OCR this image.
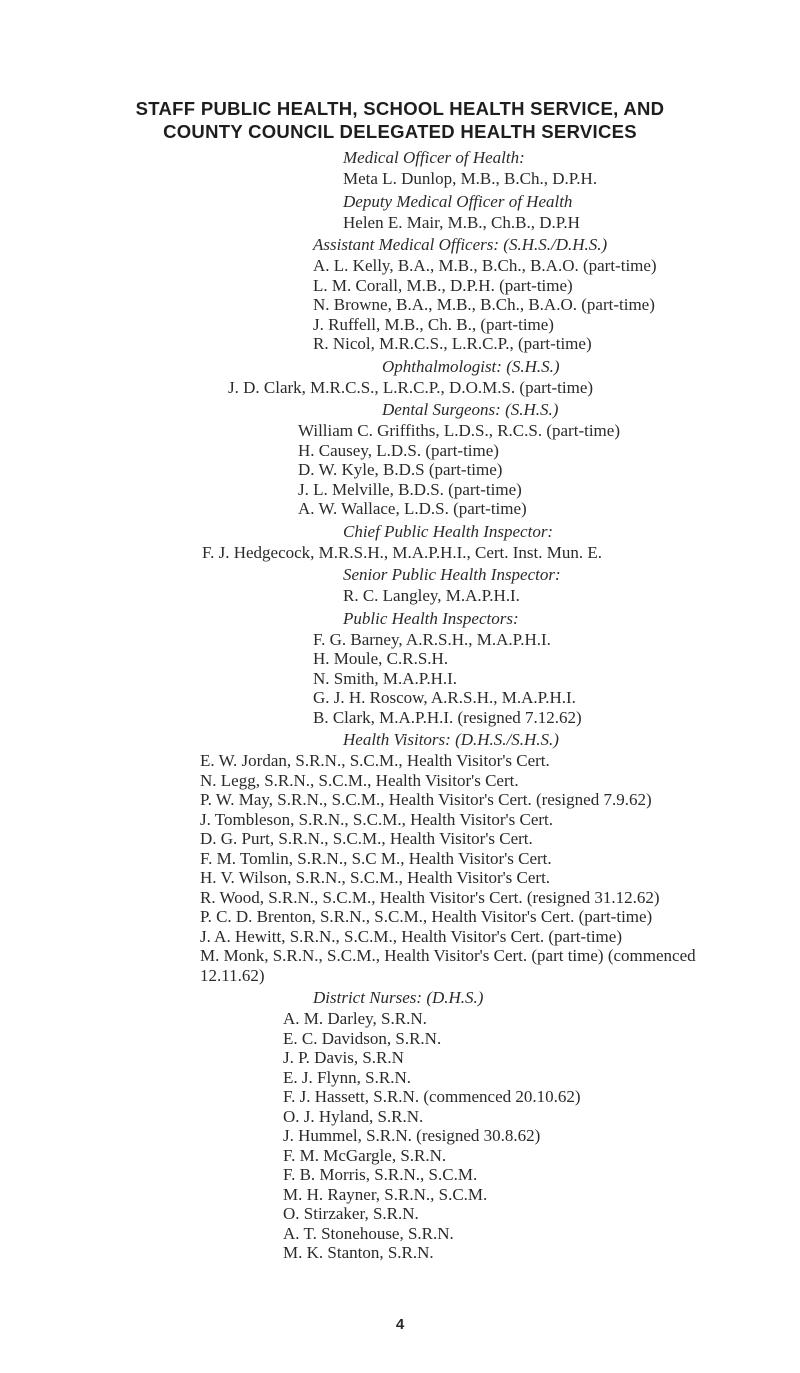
STAFF PUBLIC HEALTH, SCHOOL HEALTH SERVICE, AND
COUNTY COUNCIL DELEGATED HEALTH SERVICES
Medical Officer of Health:
Meta L. Dunlop, M.B., B.Ch., D.P.H.
Deputy Medical Officer of Health
Helen E. Mair, M.B., Ch.B., D.P.H
Assistant Medical Officers: (S.H.S./D.H.S.)
A. L. Kelly, B.A., M.B., B.Ch., B.A.O. (part-time)
L. M. Corall, M.B., D.P.H. (part-time)
N. Browne, B.A., M.B., B.Ch., B.A.O. (part-time)
J. Ruffell, M.B., Ch. B., (part-time)
R. Nicol, M.R.C.S., L.R.C.P., (part-time)
Ophthalmologist: (S.H.S.)
J. D. Clark, M.R.C.S., L.R.C.P., D.O.M.S. (part-time)
Dental Surgeons: (S.H.S.)
William C. Griffiths, L.D.S., R.C.S. (part-time)
H. Causey, L.D.S. (part-time)
D. W. Kyle, B.D.S (part-time)
J. L. Melville, B.D.S. (part-time)
A. W. Wallace, L.D.S. (part-time)
Chief Public Health Inspector:
F. J. Hedgecock, M.R.S.H., M.A.P.H.I., Cert. Inst. Mun. E.
Senior Public Health Inspector:
R. C. Langley, M.A.P.H.I.
Public Health Inspectors:
F. G. Barney, A.R.S.H., M.A.P.H.I.
H. Moule, C.R.S.H.
N. Smith, M.A.P.H.I.
G. J. H. Roscow, A.R.S.H., M.A.P.H.I.
B. Clark, M.A.P.H.I. (resigned 7.12.62)
Health Visitors: (D.H.S./S.H.S.)
E. W. Jordan, S.R.N., S.C.M., Health Visitor's Cert.
N. Legg, S.R.N., S.C.M., Health Visitor's Cert.
P. W. May, S.R.N., S.C.M., Health Visitor's Cert. (resigned 7.9.62)
J. Tombleson, S.R.N., S.C.M., Health Visitor's Cert.
D. G. Purt, S.R.N., S.C.M., Health Visitor's Cert.
F. M. Tomlin, S.R.N., S.C M., Health Visitor's Cert.
H. V. Wilson, S.R.N., S.C.M., Health Visitor's Cert.
R. Wood, S.R.N., S.C.M., Health Visitor's Cert. (resigned 31.12.62)
P. C. D. Brenton, S.R.N., S.C.M., Health Visitor's Cert. (part-time)
J. A. Hewitt, S.R.N., S.C.M., Health Visitor's Cert. (part-time)
M. Monk, S.R.N., S.C.M., Health Visitor's Cert. (part time) (commenced
12.11.62)
District Nurses: (D.H.S.)
A. M. Darley, S.R.N.
E. C. Davidson, S.R.N.
J. P. Davis, S.R.N
E. J. Flynn, S.R.N.
F. J. Hassett, S.R.N. (commenced 20.10.62)
O. J. Hyland, S.R.N.
J. Hummel, S.R.N. (resigned 30.8.62)
F. M. McGargle, S.R.N.
F. B. Morris, S.R.N., S.C.M.
M. H. Rayner, S.R.N., S.C.M.
O. Stirzaker, S.R.N.
A. T. Stonehouse, S.R.N.
M. K. Stanton, S.R.N.
4
